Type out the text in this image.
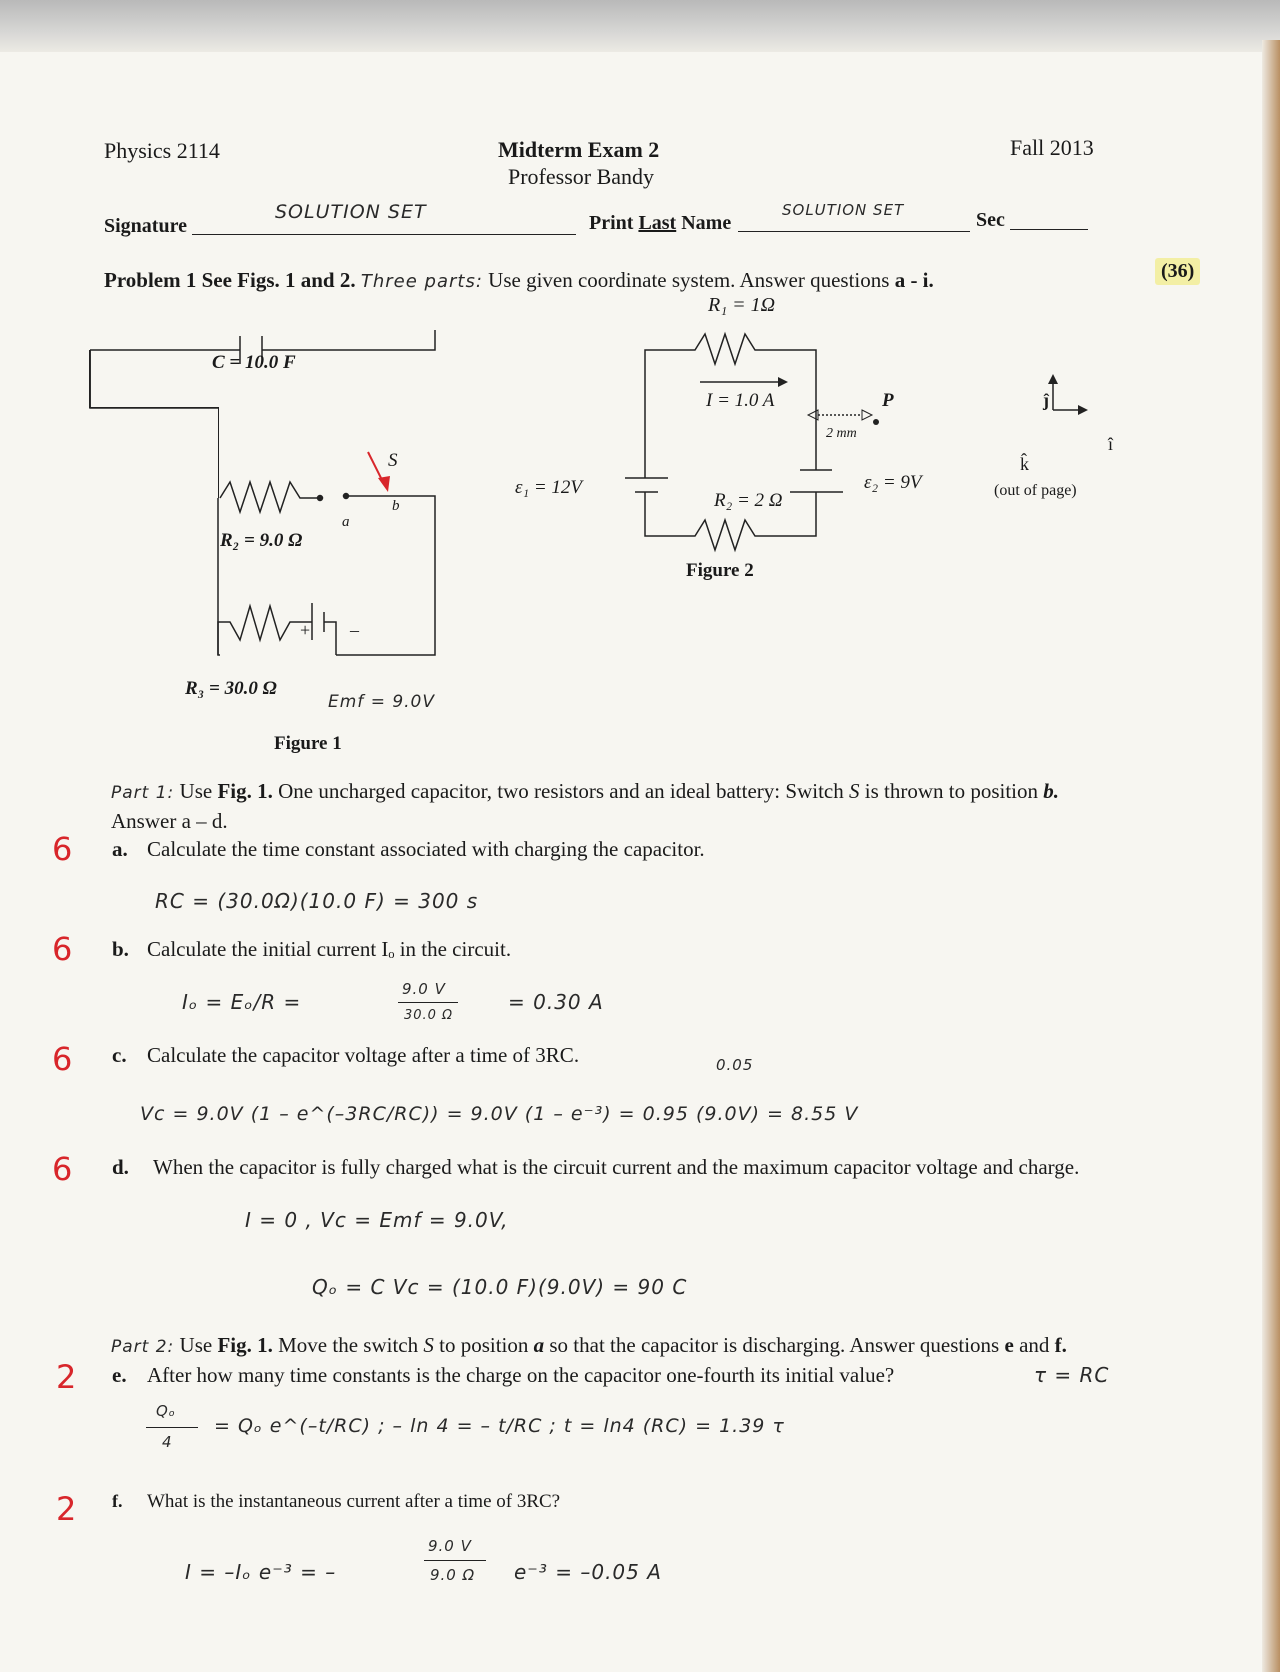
Physics 2114	Midterm Exam 2
Professor Bandy
Fall 2013
Signature
SOLUTION SET	Print Last Name
SOLUTION SET	Sec
Problem 1 See Figs. 1 and 2. Three parts: Use given coordinate system. Answer questions a - i.	(36)
C = 10.0 F
R₂ = 9.0 Ω
R₃ = 30.0 Ω
S
a
b
+ –
Emf = 9.0V
Figure 1
R₁ = 1Ω
I = 1.0 A
2 mm
P
ε₁ = 12V
R₂ = 2 Ω
ε₂ = 9V
Figure 2
ĵ
î
k̂
(out of page)
Part 1: Use Fig. 1. One uncharged capacitor, two resistors and an ideal battery: Switch S is thrown to position b.
Answer a – d.
6 a. Calculate the time constant associated with charging the capacitor.
RC = (30.0Ω)(10.0 F) = 300 s
6 b. Calculate the initial current Iₒ in the circuit.
Iₒ = Eₒ/R =
9.0 V
30.0 Ω
= 0.30 A
6 c. Calculate the capacitor voltage after a time of 3RC.	0.05
Vc = 9.0V (1 – e^(–3RC/RC)) = 9.0V (1 – e⁻³) = 0.95 (9.0V) = 8.55 V
6 d. When the capacitor is fully charged what is the circuit current and the maximum capacitor voltage and charge.
I = 0 , Vc = Emf = 9.0V,
Qₒ = C Vc = (10.0 F)(9.0V) = 90 C
Part 2: Use Fig. 1. Move the switch S to position a so that the capacitor is discharging. Answer questions e and f.
2 e. After how many time constants is the charge on the capacitor one-fourth its initial value?	τ = RC
Qₒ
4
= Qₒ e^(–t/RC) ; – ln 4 = – t/RC ; t = ln4 (RC) = 1.39 τ
2 f. What is the instantaneous current after a time of 3RC?
I = –Iₒ e⁻³ = –
9.0 V
9.0 Ω e⁻³ = –0.05 A
